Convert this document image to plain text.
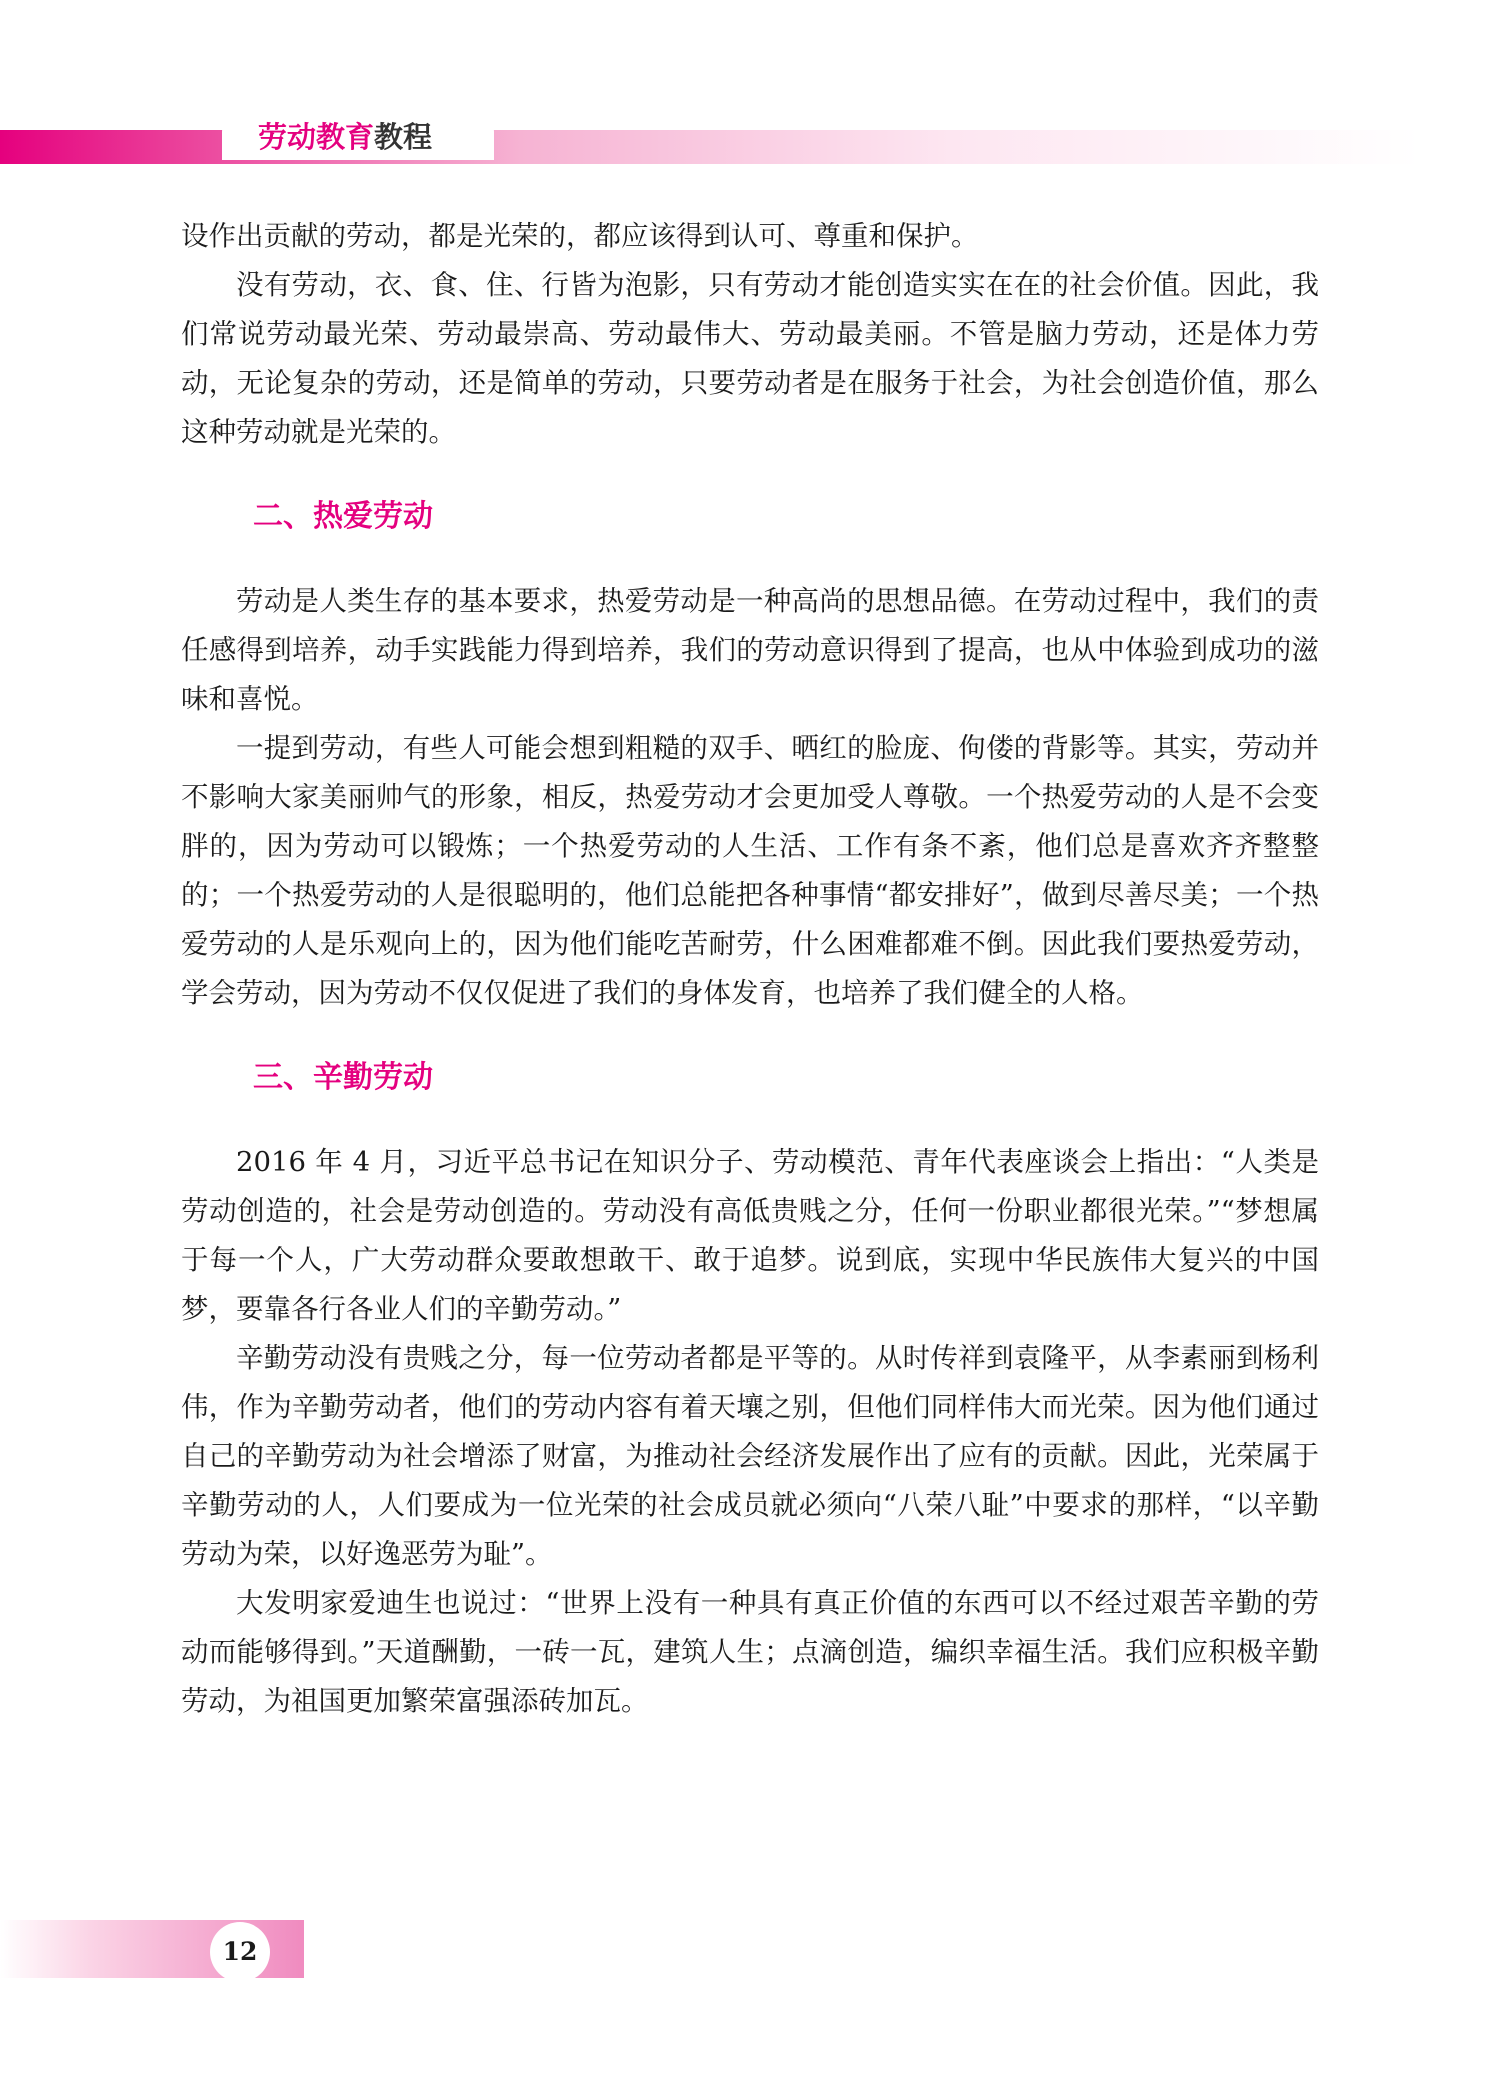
劳动教育教程

设作出贡献的劳动，都是光荣的，都应该得到认可、尊重和保护。

没有劳动，衣、食、住、行皆为泡影，只有劳动才能创造实实在在的社会价值。因此，我们常说劳动最光荣、劳动最崇高、劳动最伟大、劳动最美丽。不管是脑力劳动，还是体力劳动，无论复杂的劳动，还是简单的劳动，只要劳动者是在服务于社会，为社会创造价值，那么这种劳动就是光荣的。

二、热爱劳动

劳动是人类生存的基本要求，热爱劳动是一种高尚的思想品德。在劳动过程中，我们的责任感得到培养，动手实践能力得到培养，我们的劳动意识得到了提高，也从中体验到成功的滋味和喜悦。

一提到劳动，有些人可能会想到粗糙的双手、晒红的脸庞、佝偻的背影等。其实，劳动并不影响大家美丽帅气的形象，相反，热爱劳动才会更加受人尊敬。一个热爱劳动的人是不会变胖的，因为劳动可以锻炼；一个热爱劳动的人生活、工作有条不紊，他们总是喜欢齐齐整整的；一个热爱劳动的人是很聪明的，他们总能把各种事情“都安排好”，做到尽善尽美；一个热爱劳动的人是乐观向上的，因为他们能吃苦耐劳，什么困难都难不倒。因此我们要热爱劳动，学会劳动，因为劳动不仅仅促进了我们的身体发育，也培养了我们健全的人格。

三、辛勤劳动

2016 年 4 月，习近平总书记在知识分子、劳动模范、青年代表座谈会上指出：“人类是劳动创造的，社会是劳动创造的。劳动没有高低贵贱之分，任何一份职业都很光荣。”“梦想属于每一个人，广大劳动群众要敢想敢干、敢于追梦。说到底，实现中华民族伟大复兴的中国梦，要靠各行各业人们的辛勤劳动。”

辛勤劳动没有贵贱之分，每一位劳动者都是平等的。从时传祥到袁隆平，从李素丽到杨利伟，作为辛勤劳动者，他们的劳动内容有着天壤之别，但他们同样伟大而光荣。因为他们通过自己的辛勤劳动为社会增添了财富，为推动社会经济发展作出了应有的贡献。因此，光荣属于辛勤劳动的人，人们要成为一位光荣的社会成员就必须向“八荣八耻”中要求的那样，“以辛勤劳动为荣，以好逸恶劳为耻”。

大发明家爱迪生也说过：“世界上没有一种具有真正价值的东西可以不经过艰苦辛勤的劳动而能够得到。”天道酬勤，一砖一瓦，建筑人生；点滴创造，编织幸福生活。我们应积极辛勤劳动，为祖国更加繁荣富强添砖加瓦。

12
